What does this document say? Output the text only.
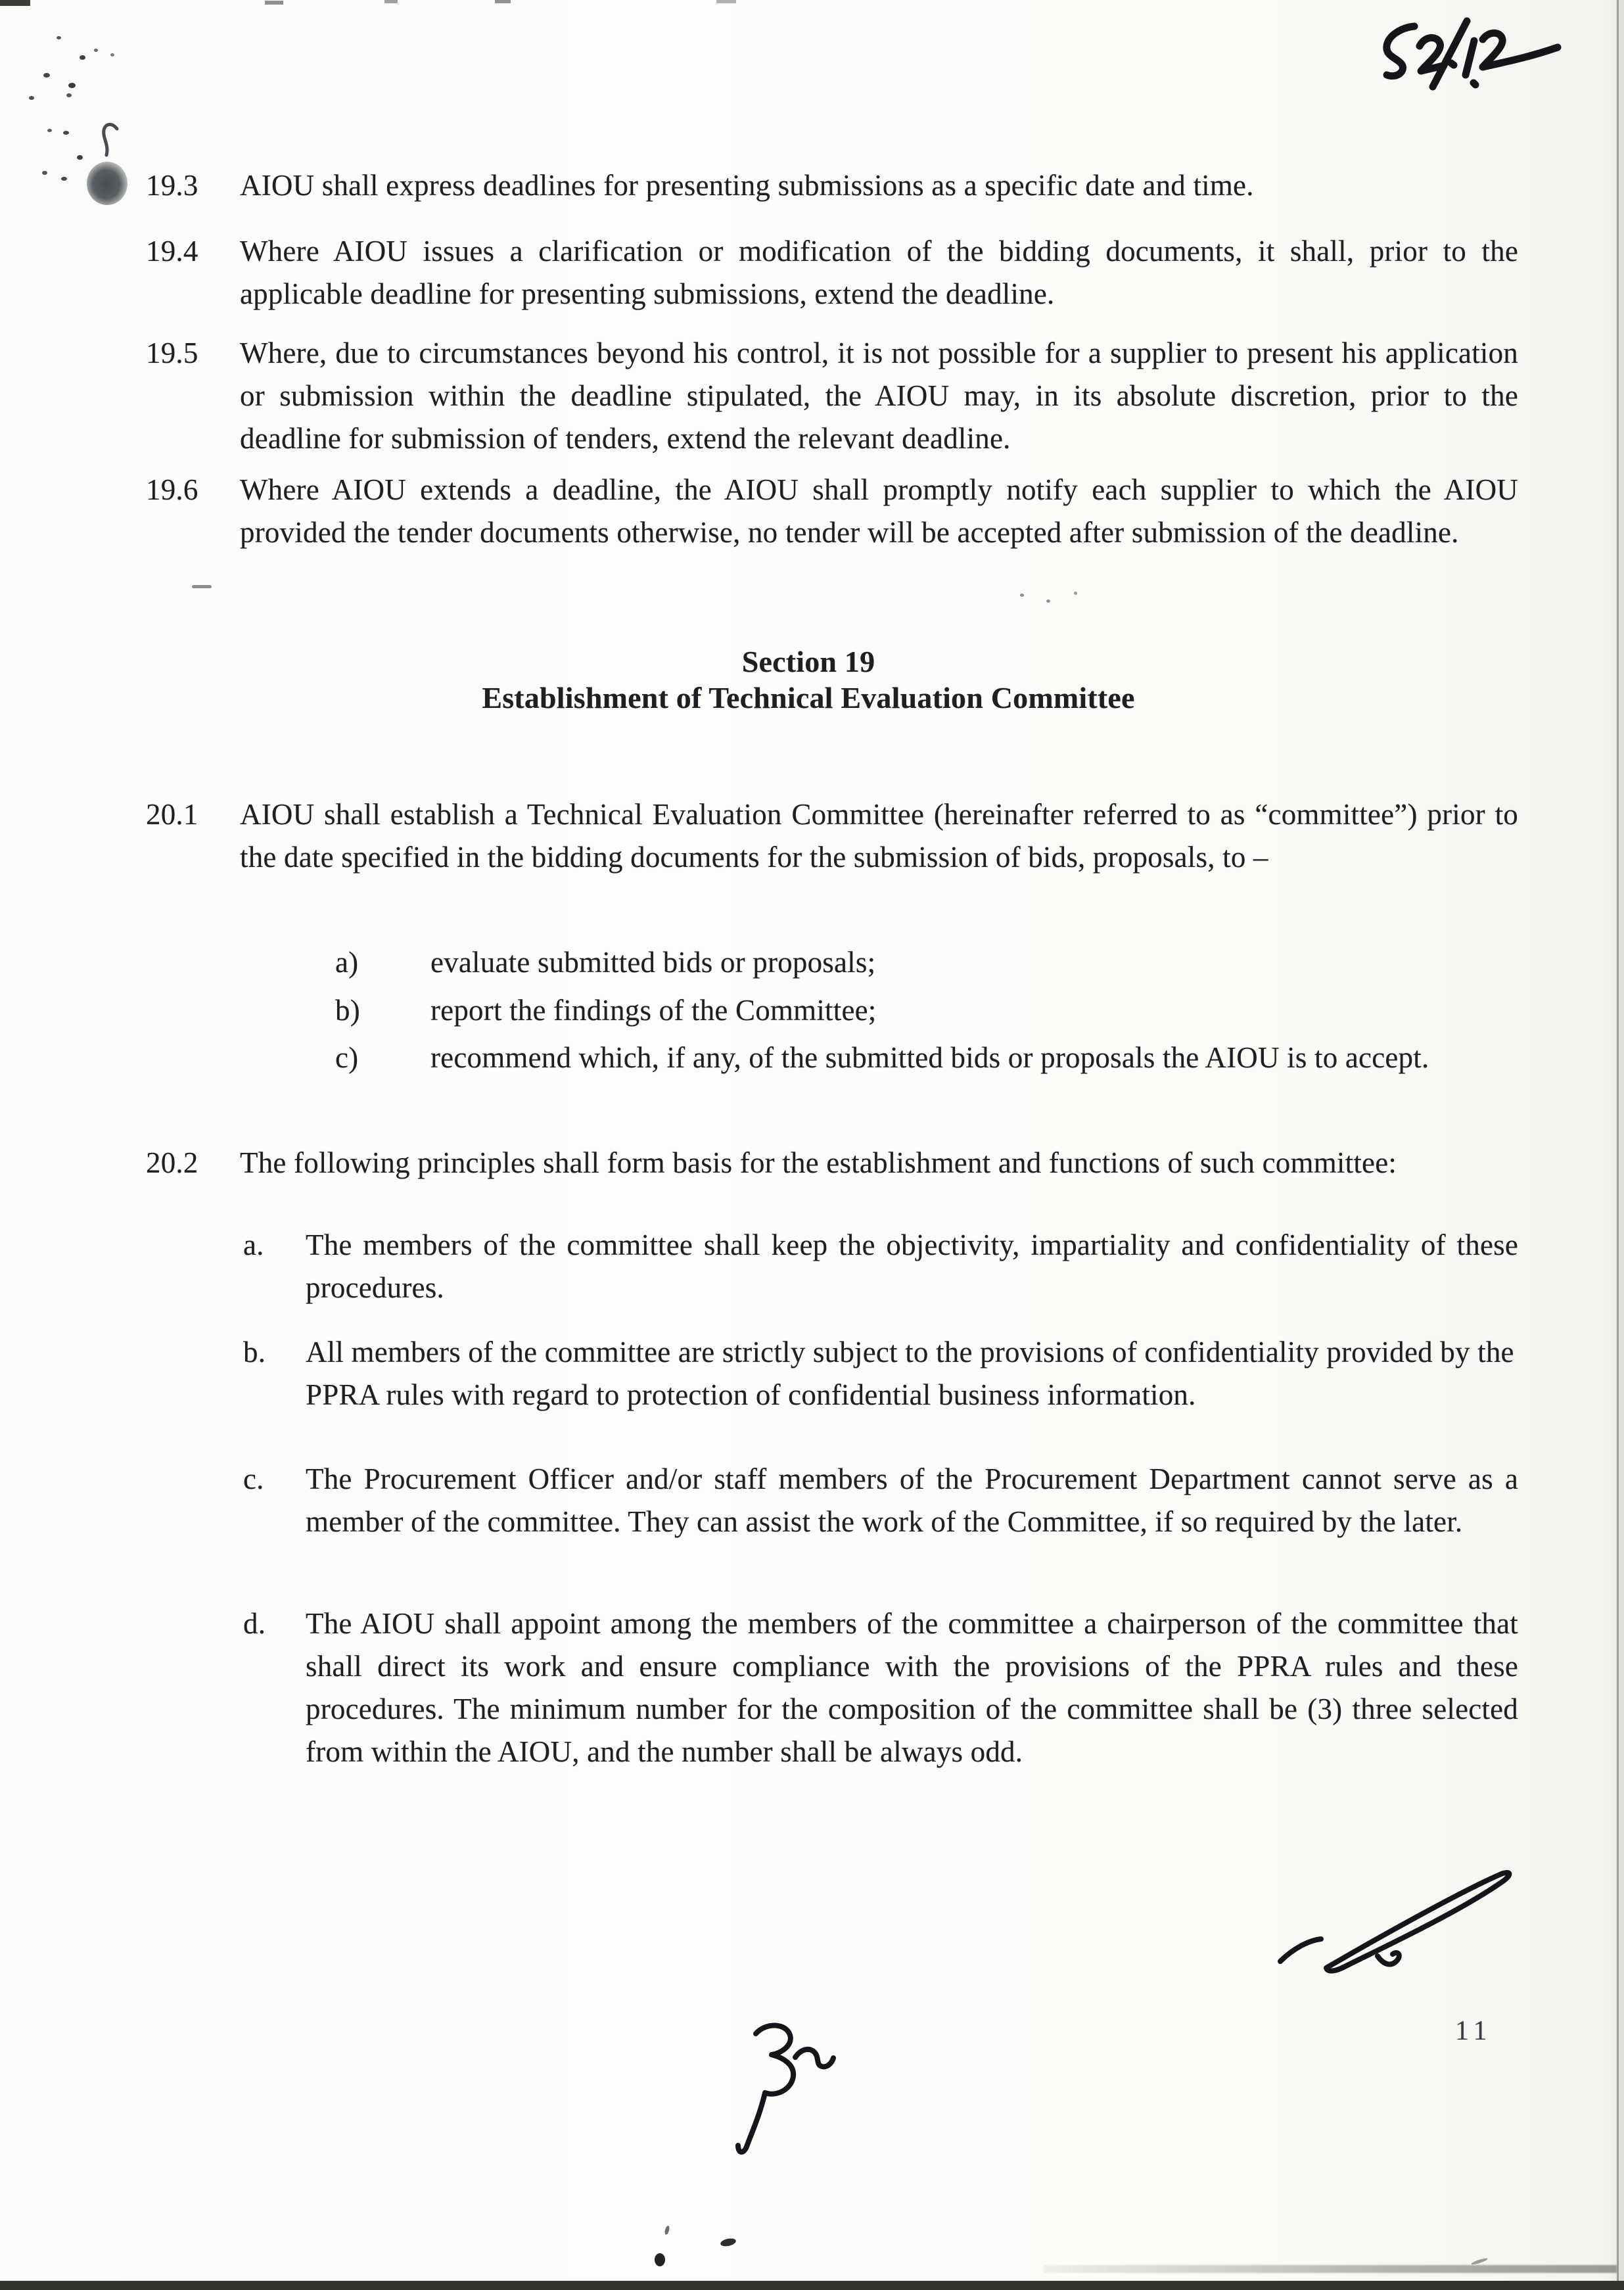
19.3	AIOU shall express deadlines for presenting submissions as a specific date and time.
19.4	Where AIOU issues a clarification or modification of the bidding documents, it shall, prior to the applicable deadline for presenting submissions, extend the deadline.
19.5	Where, due to circumstances beyond his control, it is not possible for a supplier to present his application or submission within the deadline stipulated, the AIOU may, in its absolute discretion, prior to the deadline for submission of tenders, extend the relevant deadline.
19.6	Where AIOU extends a deadline, the AIOU shall promptly notify each supplier to which the AIOU provided the tender documents otherwise, no tender will be accepted after submission of the deadline.
Section 19
Establishment of Technical Evaluation Committee
20.1	AIOU shall establish a Technical Evaluation Committee (hereinafter referred to as “committee”) prior to the date specified in the bidding documents for the submission of bids, proposals, to –
a)	evaluate submitted bids or proposals;
b)	report the findings of the Committee;
c)	recommend which, if any, of the submitted bids or proposals the AIOU is to accept.
20.2	The following principles shall form basis for the establishment and functions of such committee:
a.	The members of the committee shall keep the objectivity, impartiality and confidentiality of these procedures.
b.	All members of the committee are strictly subject to the provisions of confidentiality provided by the PPRA rules with regard to protection of confidential business information.
c.	The Procurement Officer and/or staff members of the Procurement Department cannot serve as a member of the committee. They can assist the work of the Committee, if so required by the later.
d.	The AIOU shall appoint among the members of the committee a chairperson of the committee that shall direct its work and ensure compliance with the provisions of the PPRA rules and these procedures. The minimum number for the composition of the committee shall be (3) three selected from within the AIOU, and the number shall be always odd.
11
